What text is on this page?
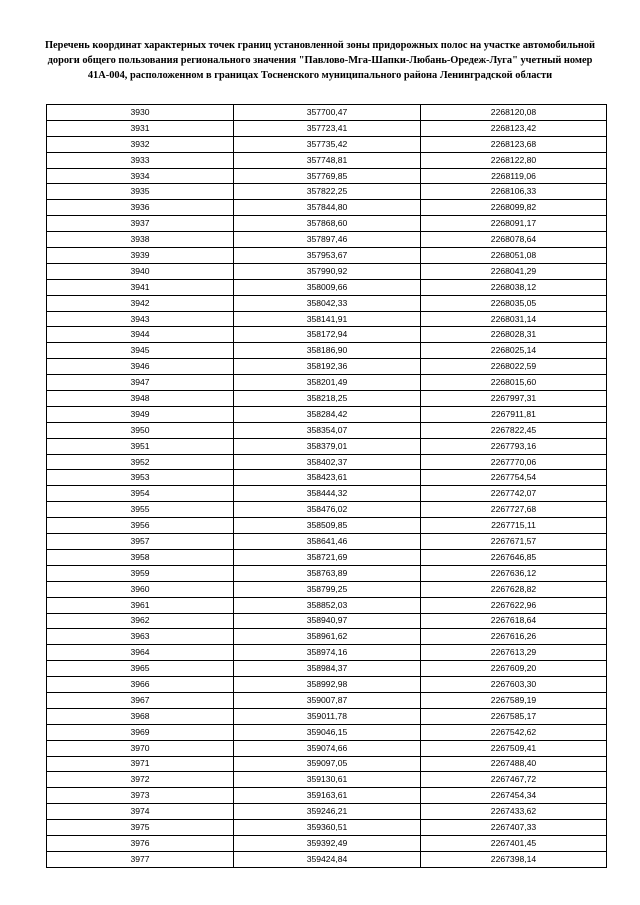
Перечень координат характерных точек границ установленной зоны придорожных полос на участке автомобильной дороги общего пользования регионального значения "Павлово-Мга-Шапки-Любань-Оредеж-Луга" учетный номер 41А-004, расположенном в границах Тосненского муниципального района Ленинградской области

3930	357700,47	2268120,08
3931	357723,41	2268123,42
3932	357735,42	2268123,68
3933	357748,81	2268122,80
3934	357769,85	2268119,06
3935	357822,25	2268106,33
3936	357844,80	2268099,82
3937	357868,60	2268091,17
3938	357897,46	2268078,64
3939	357953,67	2268051,08
3940	357990,92	2268041,29
3941	358009,66	2268038,12
3942	358042,33	2268035,05
3943	358141,91	2268031,14
3944	358172,94	2268028,31
3945	358186,90	2268025,14
3946	358192,36	2268022,59
3947	358201,49	2268015,60
3948	358218,25	2267997,31
3949	358284,42	2267911,81
3950	358354,07	2267822,45
3951	358379,01	2267793,16
3952	358402,37	2267770,06
3953	358423,61	2267754,54
3954	358444,32	2267742,07
3955	358476,02	2267727,68
3956	358509,85	2267715,11
3957	358641,46	2267671,57
3958	358721,69	2267646,85
3959	358763,89	2267636,12
3960	358799,25	2267628,82
3961	358852,03	2267622,96
3962	358940,97	2267618,64
3963	358961,62	2267616,26
3964	358974,16	2267613,29
3965	358984,37	2267609,20
3966	358992,98	2267603,30
3967	359007,87	2267589,19
3968	359011,78	2267585,17
3969	359046,15	2267542,62
3970	359074,66	2267509,41
3971	359097,05	2267488,40
3972	359130,61	2267467,72
3973	359163,61	2267454,34
3974	359246,21	2267433,62
3975	359360,51	2267407,33
3976	359392,49	2267401,45
3977	359424,84	2267398,14
